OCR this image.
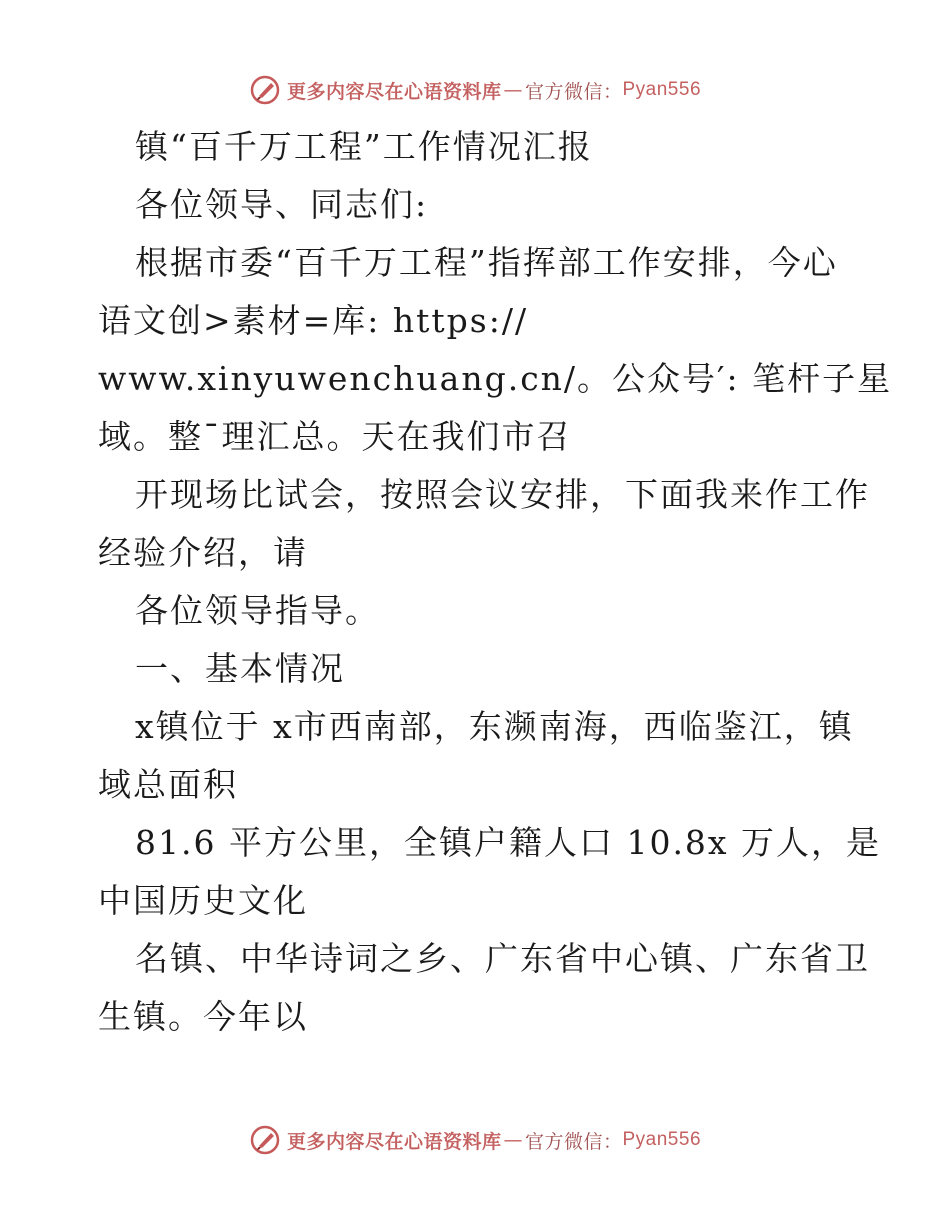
更多内容尽在心语资料库 — 官方微信： Pyan556
镇“百千万工程”工作情况汇报
各位领导、同志们:
根据市委“百千万工程”指挥部工作安排，今心
语文创>素材=库: https://
www.xinyuwenchuang.cn/。公众号′: 笔杆子星
域。整¯理汇总。天在我们市召
开现场比试会，按照会议安排，下面我来作工作
经验介绍，请
各位领导指导。
一、基本情况
x镇位于 x市西南部，东濒南海，西临鉴江，镇
域总面积
81.6 平方公里，全镇户籍人口 10.8x 万人，是
中国历史文化
名镇、中华诗词之乡、广东省中心镇、广东省卫
生镇。今年以
更多内容尽在心语资料库 — 官方微信： Pyan556
